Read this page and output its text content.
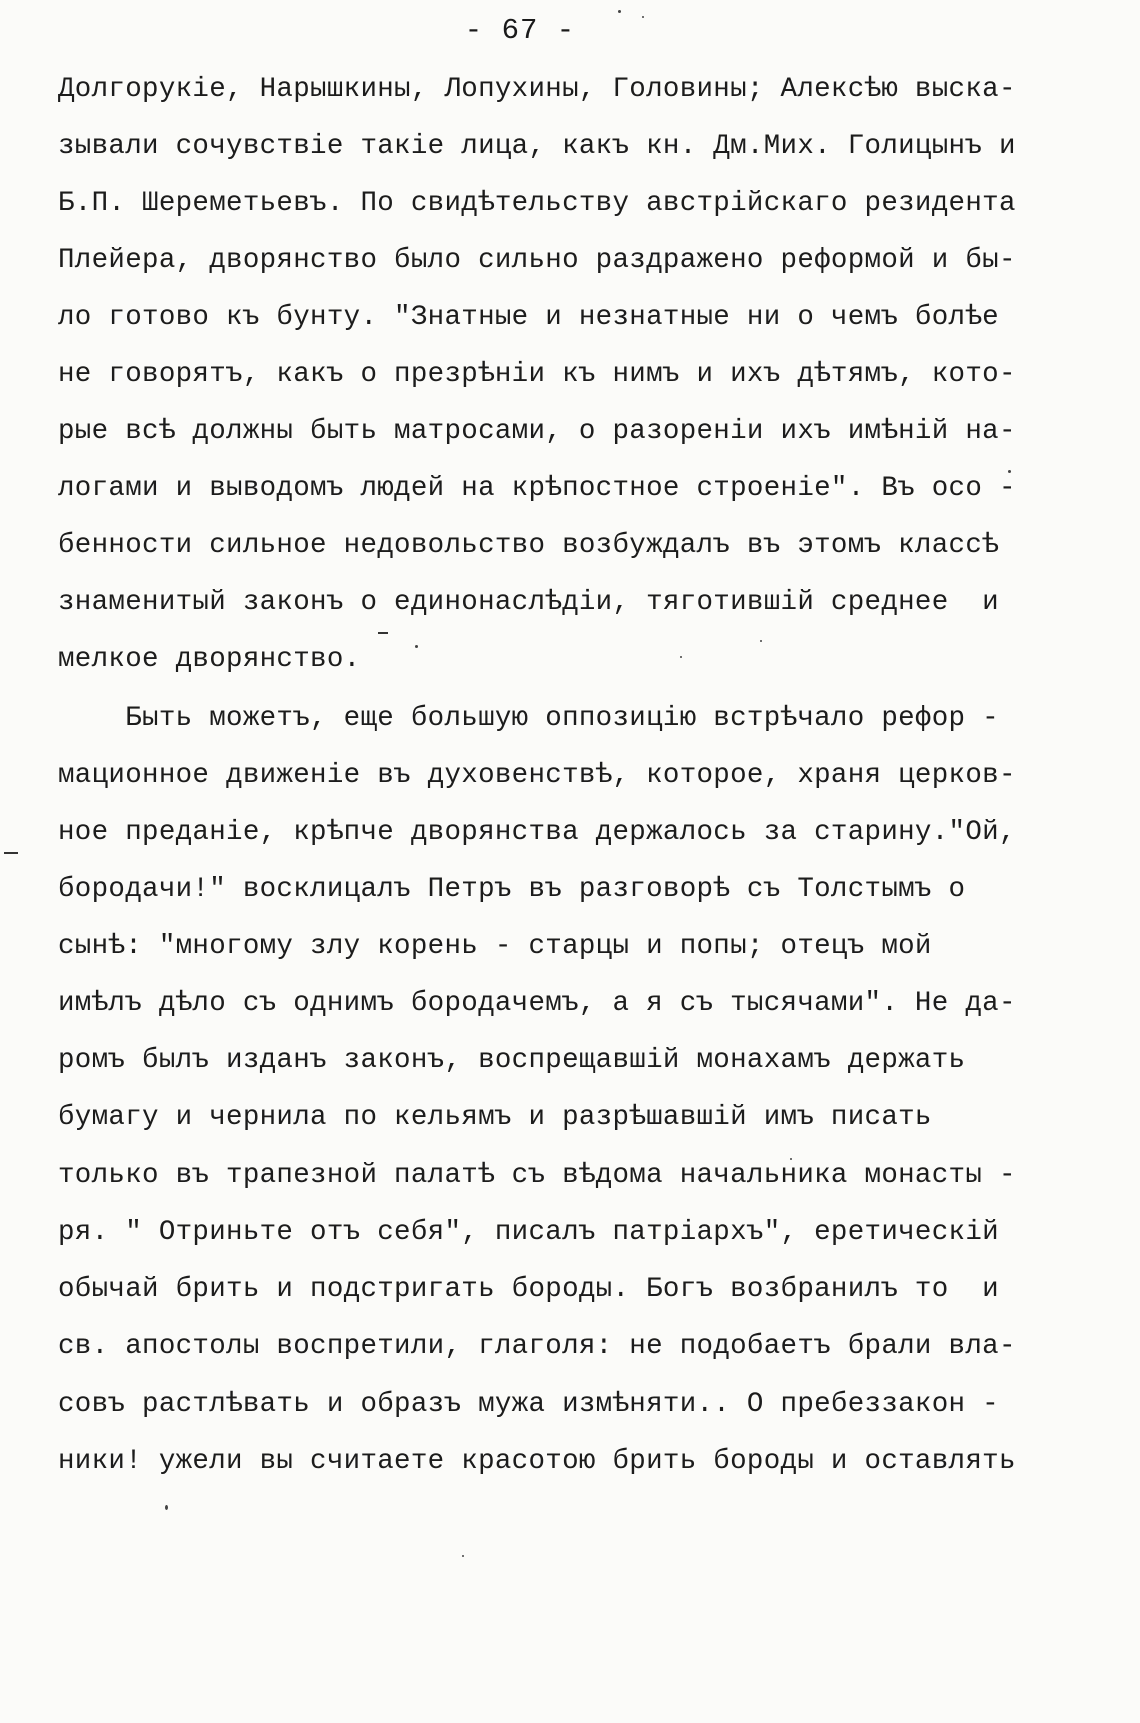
- 67 -
Долгорукіе, Нарышкины, Лопухины, Головины; Алексѣю выска-
зывали сочувствіе такіе лица, какъ кн. Дм.Мих. Голицынъ и
Б.П. Шереметьевъ. По свидѣтельству австрійскаго резидента
Плейера, дворянство было сильно раздражено реформой и бы-
ло готово къ бунту. "Знатные и незнатные ни о чемъ болѣе
не говорятъ, какъ о презрѣніи къ нимъ и ихъ дѣтямъ, кото-
рые всѣ должны быть матросами, о разореніи ихъ имѣній на-
логами и выводомъ людей на крѣпостное строеніе". Въ осо -
бенности сильное недовольство возбуждалъ въ этомъ классѣ
знаменитый законъ о единонаслѣдіи, тяготившій среднее  и
мелкое дворянство.
Быть можетъ, еще большую оппозицію встрѣчало рефор -
мационное движеніе въ духовенствѣ, которое, храня церков-
ное преданіе, крѣпче дворянства держалось за старину."Ой,
бородачи!" восклицалъ Петръ въ разговорѣ съ Толстымъ о
сынѣ: "многому злу корень - старцы и попы; отецъ мой
имѣлъ дѣло съ однимъ бородачемъ, а я съ тысячами". Не да-
ромъ былъ изданъ законъ, воспрещавшій монахамъ держать
бумагу и чернила по кельямъ и разрѣшавшій имъ писать
только въ трапезной палатѣ съ вѣдома начальника монасты -
ря. " Отриньте отъ себя", писалъ патріархъ", еретическій
обычай брить и подстригать бороды. Богъ возбранилъ то  и
св. апостолы воспретили, глаголя: не подобаетъ брали вла-
совъ растлѣвать и образъ мужа измѣняти.. О пребеззакон -
ники! ужели вы считаете красотою брить бороды и оставлять
